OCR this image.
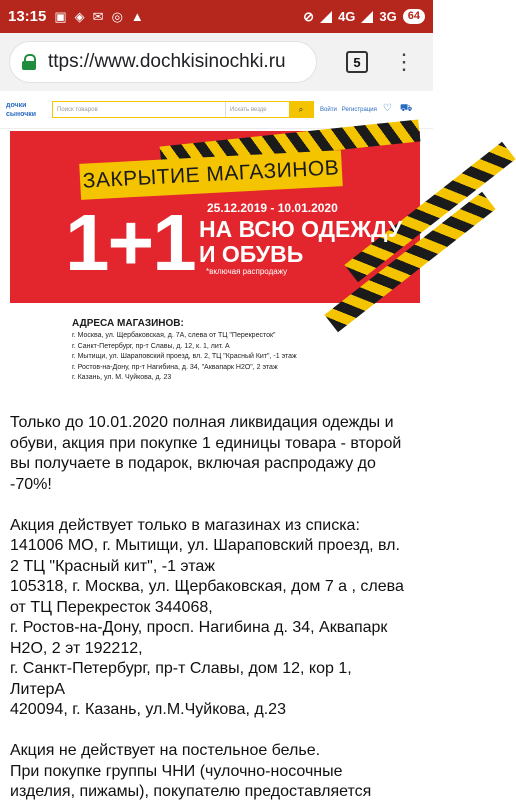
13:15 ▣ ◈ ✉ ◎ ▲	⊘ 4G 3G	64
ttps://www.dochkisinochki.ru	5	⋮
дочки
сыночки
Поиск товаров	Искать везде	⌕	Войти Регистрация ♡ ⛟
ЗАКРЫТИЕ МАГАЗИНОВ
25.12.2019 - 10.01.2020
1+1 НА ВСЮ ОДЕЖДУ
И ОБУВЬ
*включая распродажу
АДРЕСА МАГАЗИНОВ:
г. Москва, ул. Щербаковская, д. 7А, слева от ТЦ "Перекресток"
г. Санкт-Петербург, пр-т Славы, д. 12, к. 1, лит. А
г. Мытищи, ул. Шараповский проезд, вл. 2, ТЦ "Красный Кит", -1 этаж
г. Ростов-на-Дону, пр-т Нагибина, д. 34, "Аквапарк Н2О", 2 этаж
г. Казань, ул. М. Чуйкова, д. 23

Только до 10.01.2020 полная ликвидация одежды и

обуви, акция при покупке 1 единицы товара - второй

вы получаете в подарок, включая распродажу до

-70%!

Акция действует только в магазинах из списка:

141006 МО, г. Мытищи, ул. Шараповский проезд, вл.

2 ТЦ "Красный кит", -1 этаж

105318, г. Москва, ул. Щербаковская, дом 7 а , слева

от ТЦ Перекресток 344068,

г. Ростов-на-Дону, просп. Нагибина д. 34, Аквапарк

Н2О, 2 эт 192212,

г. Санкт-Петербург, пр-т Славы, дом 12, кор 1,

ЛитерА

420094, г. Казань, ул.М.Чуйкова, д.23

Акция не действует на постельное белье.

При покупке группы ЧНИ (чулочно-носочные

изделия, пижамы), покупателю предоставляется
